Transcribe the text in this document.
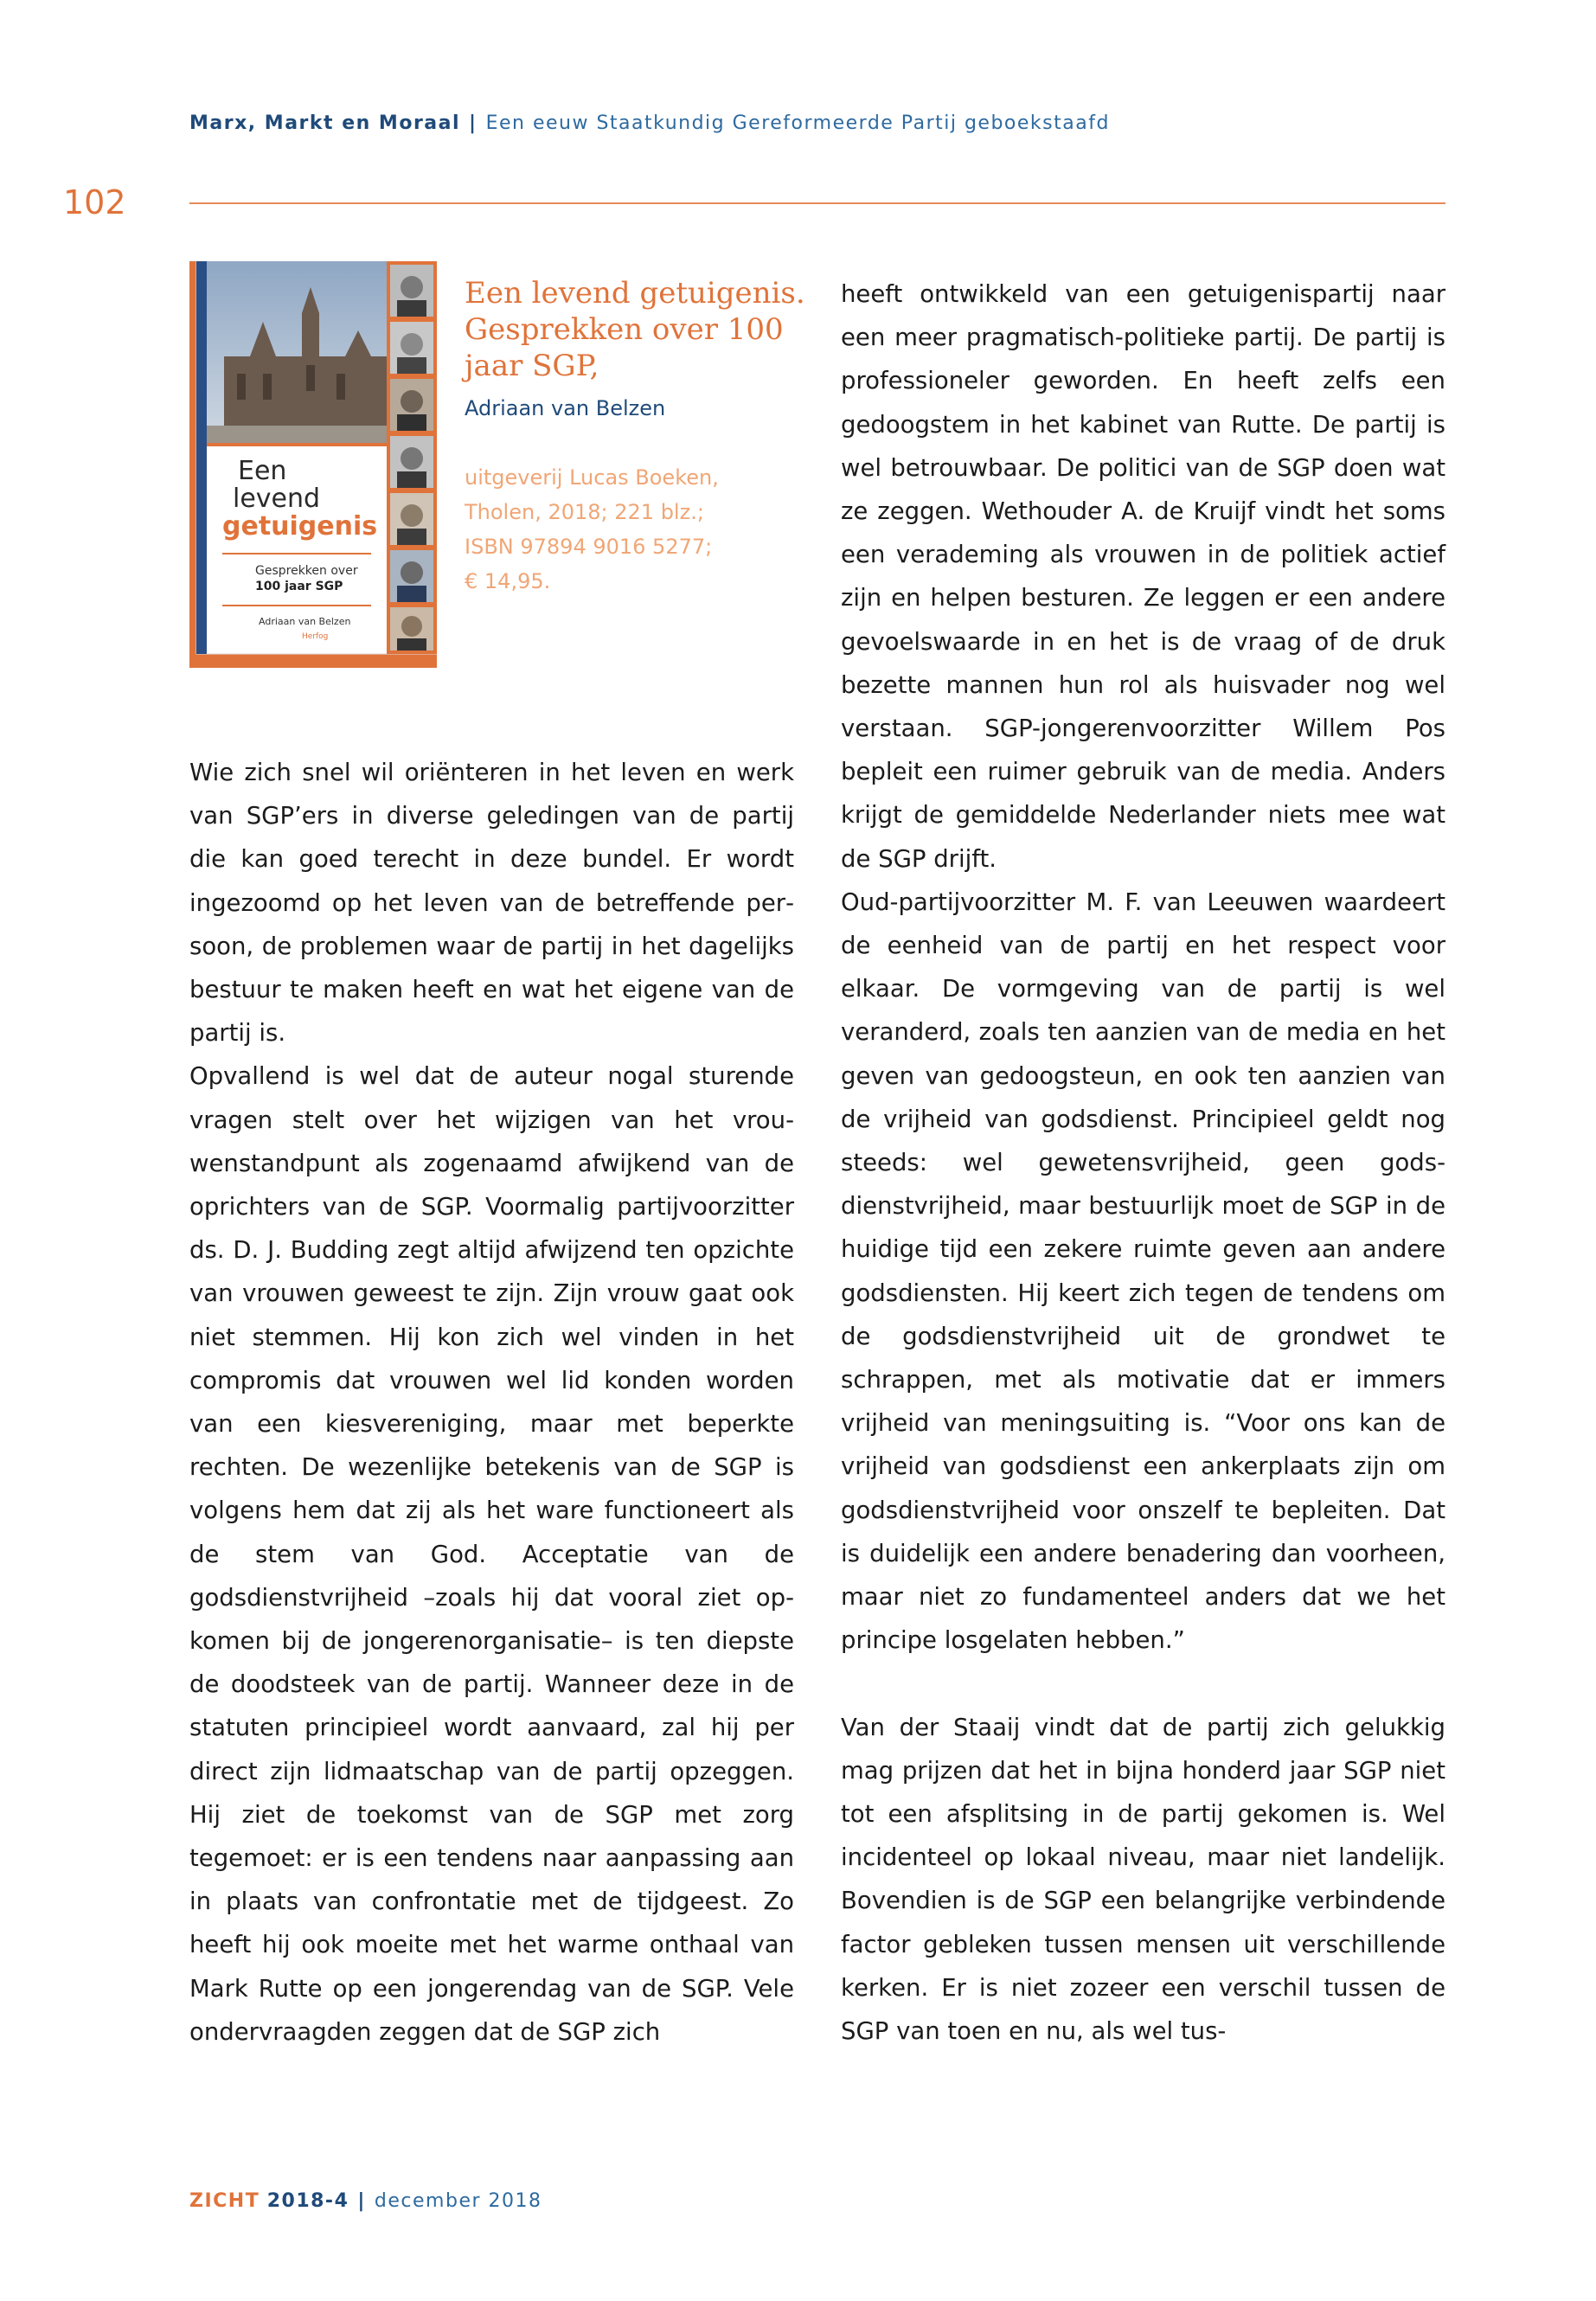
Marx, Markt en Moraal | Een eeuw Staatkundig Gereformeerde Partij geboekstaafd
102
Een
levend
getuigenis
Gesprekken over
100 jaar SGP
Adriaan van Belzen
Herfog
Een levend getuigenis. Gesprekken over 100 jaar SGP,
Adriaan van Belzen
uitgeverij Lucas Boeken,
Tholen, 2018; 221 blz.;
ISBN 97894 9016 5277;
€ 14,95.

Wie zich snel wil oriënteren in het leven en werk van SGP’ers in diverse geledingen van de partij die kan goed terecht in deze bundel. Er wordt ingezoomd op het leven van de betreffende persoon, de problemen waar de partij in het dagelijks bestuur te maken heeft en wat het eigene van de partij is.

Opvallend is wel dat de auteur nogal sturende vragen stelt over het wijzigen van het vrouwenstandpunt als zogenaamd afwijkend van de oprichters van de SGP. Voormalig partijvoorzitter ds. D. J. Budding zegt altijd afwijzend ten opzichte van vrouwen geweest te zijn. Zijn vrouw gaat ook niet stemmen. Hij kon zich wel vinden in het compromis dat vrouwen wel lid konden worden van een kiesvereniging, maar met beperkte rechten. De wezenlijke betekenis van de SGP is volgens hem dat zij als het ware functioneert als de stem van God. Acceptatie van de godsdienstvrijheid –zoals hij dat vooral ziet opkomen bij de jongerenorganisatie– is ten diepste de doodsteek van de partij. Wanneer deze in de statuten principieel wordt aanvaard, zal hij per direct zijn lidmaatschap van de partij opzeggen. Hij ziet de toekomst van de SGP met zorg tegemoet: er is een tendens naar aanpassing aan in plaats van confrontatie met de tijdgeest. Zo heeft hij ook moeite met het warme onthaal van Mark Rutte op een jongerendag van de SGP. Vele ondervraagden zeggen dat de SGP zich

heeft ontwikkeld van een getuigenispartij naar een meer pragmatisch-politieke partij. De partij is professioneler geworden. En heeft zelfs een gedoogstem in het kabinet van Rutte. De partij is wel betrouwbaar. De politici van de SGP doen wat ze zeggen. Wethouder A. de Kruijf vindt het soms een verademing als vrouwen in de politiek actief zijn en helpen besturen. Ze leggen er een andere gevoelswaarde in en het is de vraag of de druk bezette mannen hun rol als huisvader nog wel verstaan. SGP-jongerenvoorzitter Willem Pos bepleit een ruimer gebruik van de media. Anders krijgt de gemiddelde Nederlander niets mee wat de SGP drijft.

Oud-partijvoorzitter M. F. van Leeuwen waardeert de eenheid van de partij en het respect voor elkaar. De vormgeving van de partij is wel veranderd, zoals ten aanzien van de media en het geven van gedoogsteun, en ook ten aanzien van de vrijheid van godsdienst. Principieel geldt nog steeds: wel gewetensvrijheid, geen godsdienstvrijheid, maar bestuurlijk moet de SGP in de huidige tijd een zekere ruimte geven aan andere godsdiensten. Hij keert zich tegen de tendens om de godsdienstvrijheid uit de grondwet te schrappen, met als motivatie dat er immers vrijheid van meningsuiting is. “Voor ons kan de vrijheid van godsdienst een ankerplaats zijn om godsdienstvrijheid voor onszelf te bepleiten. Dat is duidelijk een andere benadering dan voorheen, maar niet zo fundamenteel anders dat we het principe losgelaten hebben.”

Van der Staaij vindt dat de partij zich gelukkig mag prijzen dat het in bijna honderd jaar SGP niet tot een afsplitsing in de partij gekomen is. Wel incidenteel op lokaal niveau, maar niet landelijk. Bovendien is de SGP een belangrijke verbindende factor gebleken tussen mensen uit verschillende kerken. Er is niet zozeer een verschil tussen de SGP van toen en nu, als wel tus-

ZICHT 2018-4 | december 2018
